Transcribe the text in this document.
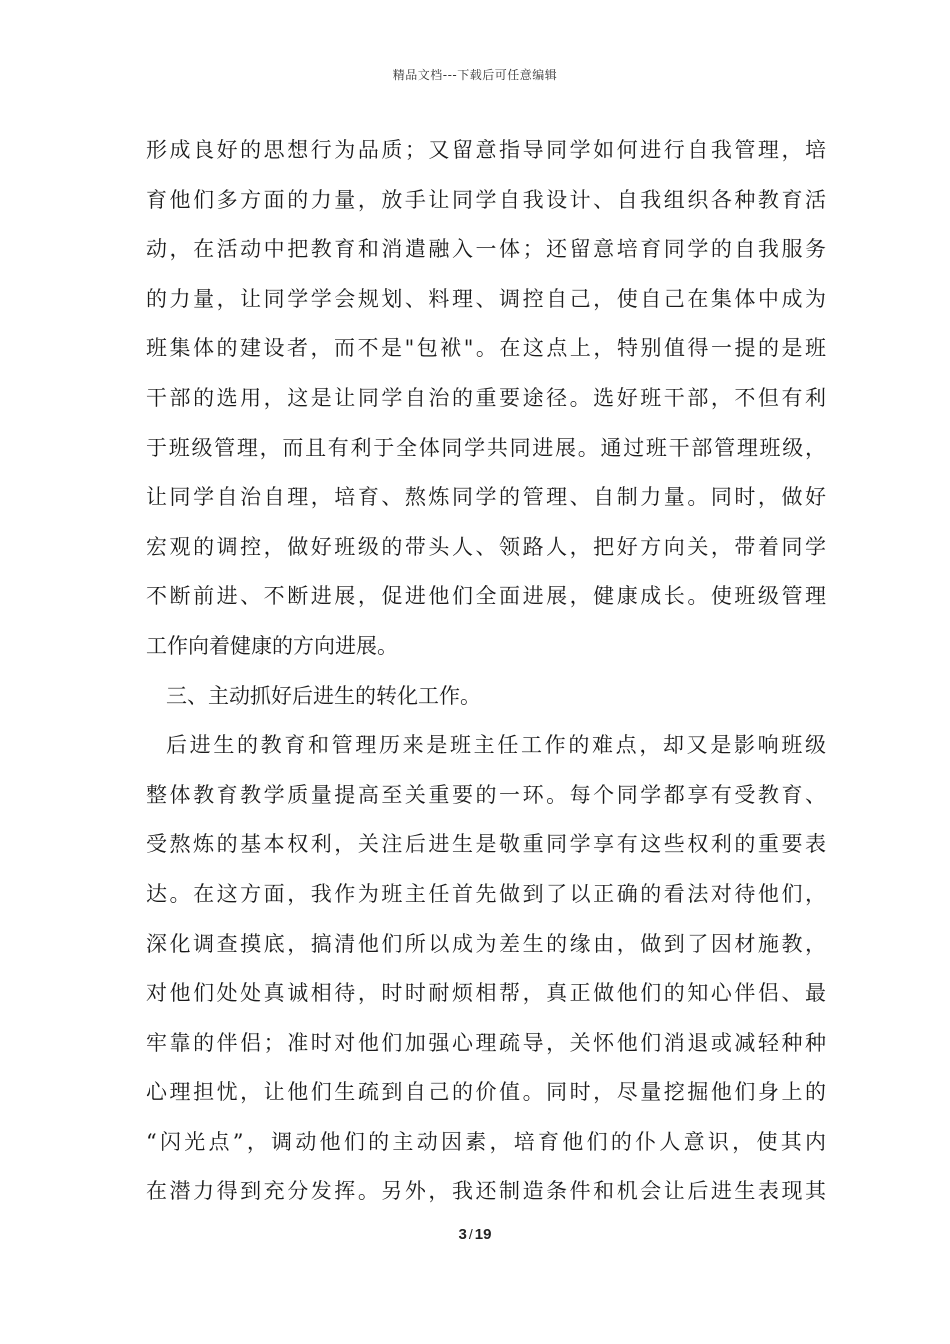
精品文档---下载后可任意编辑
形成良好的思想行为品质；又留意指导同学如何进行自我管理，培
育他们多方面的力量，放手让同学自我设计、自我组织各种教育活
动，在活动中把教育和消遣融入一体；还留意培育同学的自我服务
的力量，让同学学会规划、料理、调控自己，使自己在集体中成为
班集体的建设者，而不是"包袱"。在这点上，特别值得一提的是班
干部的选用，这是让同学自治的重要途径。选好班干部，不但有利
于班级管理，而且有利于全体同学共同进展。通过班干部管理班级，
让同学自治自理，培育、熬炼同学的管理、自制力量。同时，做好
宏观的调控，做好班级的带头人、领路人，把好方向关，带着同学
不断前进、不断进展，促进他们全面进展，健康成长。使班级管理
工作向着健康的方向进展。
三、主动抓好后进生的转化工作。
后进生的教育和管理历来是班主任工作的难点，却又是影响班级
整体教育教学质量提高至关重要的一环。每个同学都享有受教育、
受熬炼的基本权利，关注后进生是敬重同学享有这些权利的重要表
达。在这方面，我作为班主任首先做到了以正确的看法对待他们，
深化调查摸底，搞清他们所以成为差生的缘由，做到了因材施教，
对他们处处真诚相待，时时耐烦相帮，真正做他们的知心伴侣、最
牢靠的伴侣；准时对他们加强心理疏导，关怀他们消退或减轻种种
心理担忧，让他们生疏到自己的价值。同时，尽量挖掘他们身上的
“闪光点”，调动他们的主动因素，培育他们的仆人意识，使其内
在潜力得到充分发挥。另外，我还制造条件和机会让后进生表现其
3 / 19
